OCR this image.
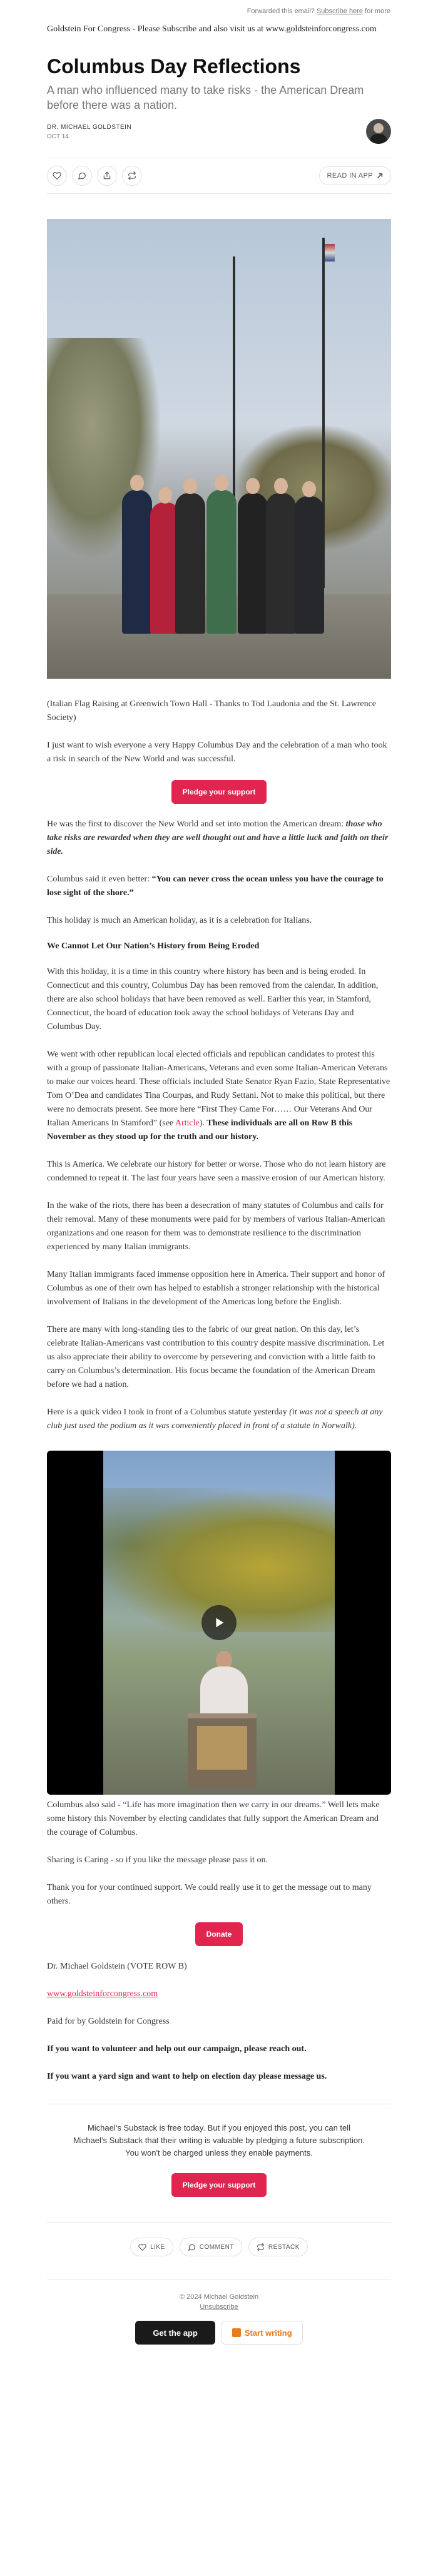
Forwarded this email? Subscribe here for more
Goldstein For Congress - Please Subscribe and also visit us at www.goldsteinforcongress.com
Columbus Day Reflections
A man who influenced many to take risks - the American Dream before there was a nation.
DR. MICHAEL GOLDSTEIN
OCT 14
READ IN APP
(Italian Flag Raising at Greenwich Town Hall - Thanks to Tod Laudonia and the St. Lawrence Society)

I just want to wish everyone a very Happy Columbus Day and the celebration of a man who took a risk in search of the New World and was successful.

Pledge your support

He was the first to discover the New World and set into motion the American dream: those who take risks are rewarded when they are well thought out and have a little luck and faith on their side.

Columbus said it even better: “You can never cross the ocean unless you have the courage to lose sight of the shore.”

This holiday is much an American holiday, as it is a celebration for Italians.

We Cannot Let Our Nation’s History from Being Eroded

With this holiday, it is a time in this country where history has been and is being eroded. In Connecticut and this country, Columbus Day has been removed from the calendar. In addition, there are also school holidays that have been removed as well. Earlier this year, in Stamford, Connecticut, the board of education took away the school holidays of Veterans Day and Columbus Day.

We went with other republican local elected officials and republican candidates to protest this with a group of passionate Italian-Americans, Veterans and even some Italian-American Veterans to make our voices heard. These officials included State Senator Ryan Fazio, State Representative Tom O’Dea and candidates Tina Courpas, and Rudy Settani. Not to make this political, but there were no democrats present. See more here “First They Came For…… Our Veterans And Our Italian Americans In Stamford” (see Article). These individuals are all on Row B this November as they stood up for the truth and our history.

This is America. We celebrate our history for better or worse. Those who do not learn history are condemned to repeat it. The last four years have seen a massive erosion of our American history.

In the wake of the riots, there has been a desecration of many statutes of Columbus and calls for their removal. Many of these monuments were paid for by members of various Italian-American organizations and one reason for them was to demonstrate resilience to the discrimination experienced by many Italian immigrants.

Many Italian immigrants faced immense opposition here in America. Their support and honor of Columbus as one of their own has helped to establish a stronger relationship with the historical involvement of Italians in the development of the Americas long before the English.

There are many with long-standing ties to the fabric of our great nation. On this day, let’s celebrate Italian-Americans vast contribution to this country despite massive discrimination. Let us also appreciate their ability to overcome by persevering and conviction with a little faith to carry on Columbus’s determination. His focus became the foundation of the American Dream before we had a nation.

Here is a quick video I took in front of a Columbus statute yesterday (it was not a speech at any club just used the podium as it was conveniently placed in front of a statute in Norwalk).

Columbus also said - “Life has more imagination then we carry in our dreams.” Well lets make some history this November by electing candidates that fully support the American Dream and the courage of Columbus.

Sharing is Caring - so if you like the message please pass it on.

Thank you for your continued support. We could really use it to get the message out to many others.

Donate

Dr. Michael Goldstein (VOTE ROW B)

www.goldsteinforcongress.com

Paid for by Goldstein for Congress

If you want to volunteer and help out our campaign, please reach out.

If you want a yard sign and want to help on election day please message us.

Michael’s Substack is free today. But if you enjoyed this post, you can tell Michael’s Substack that their writing is valuable by pledging a future subscription. You won't be charged unless they enable payments.
Pledge your support
LIKE	COMMENT	RESTACK
© 2024 Michael Goldstein
Unsubscribe
Get the app	Start writing
